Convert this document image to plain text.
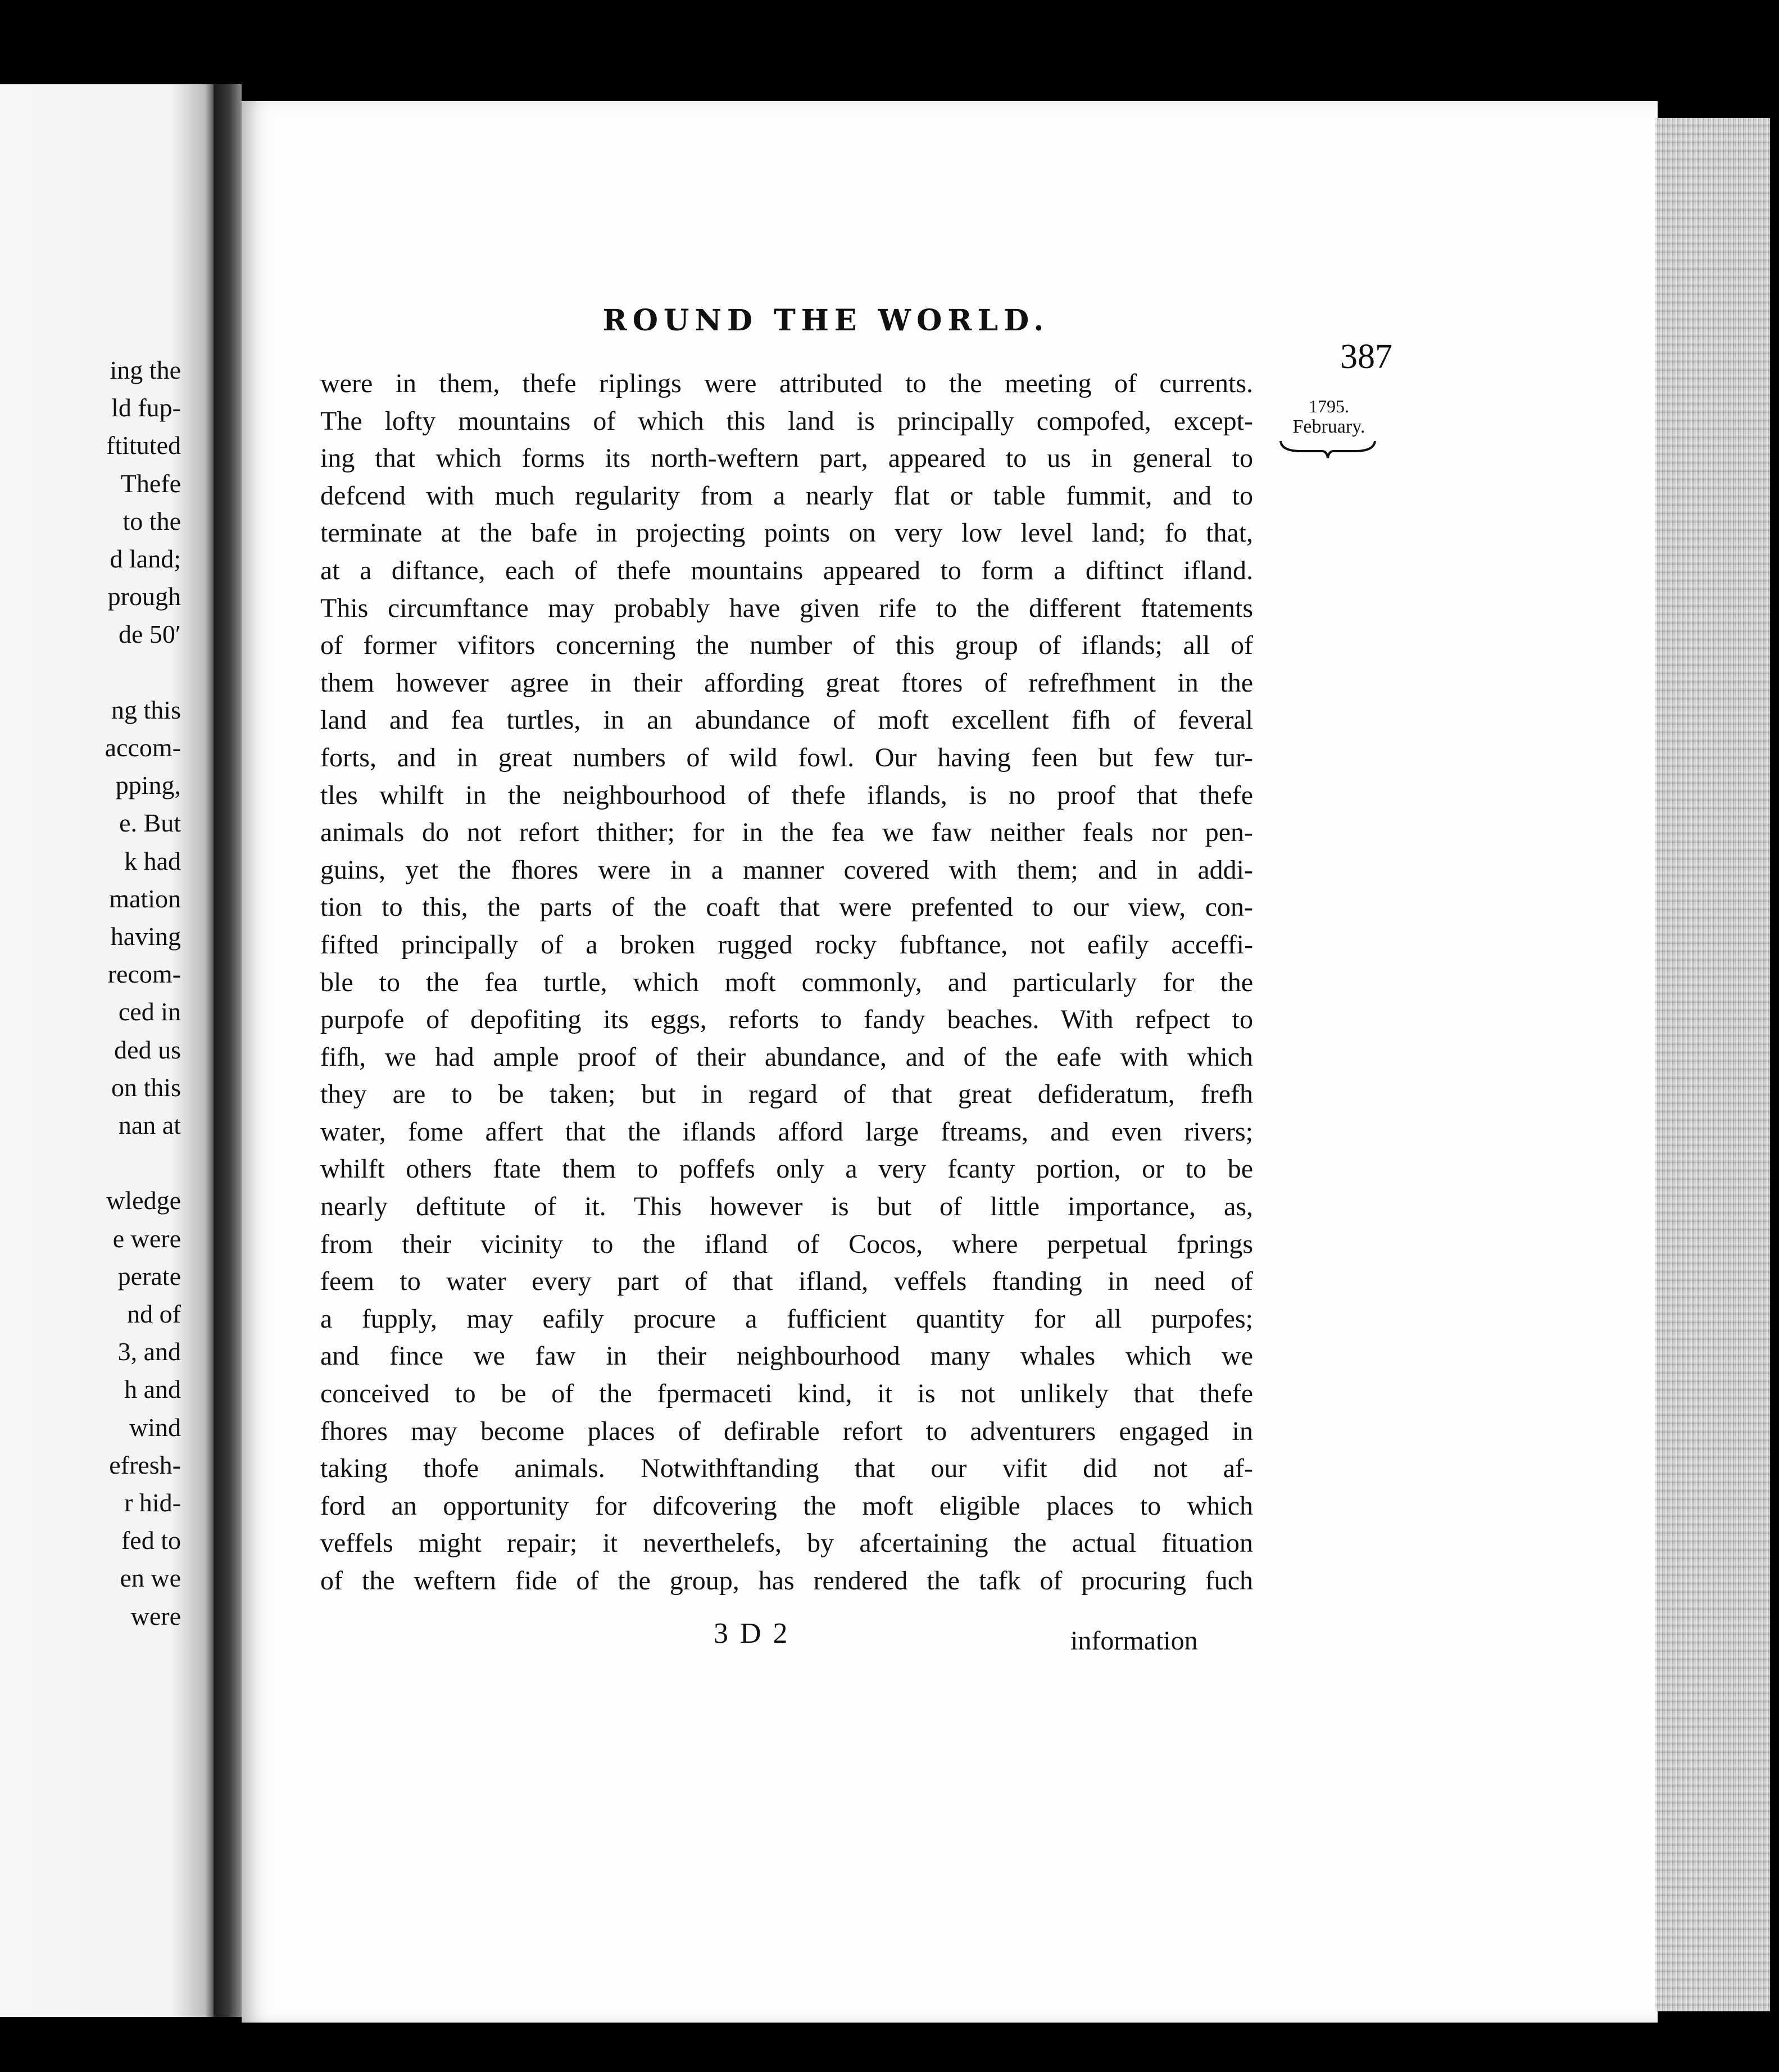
ing the
ld fup-
ftituted
Thefe
to the
d land;
prough
de 50′
ng this
accom-
pping,
e. But
k had
mation
having
recom-
ced in
ded us
on this
nan at
wledge
e were
perate
nd of
3, and
h and
wind
efresh-
r hid-
fed to
en we
were
ROUND THE WORLD.
387
1795.
February.
were in them, thefe riplings were attributed to the meeting of currents.
The lofty mountains of which this land is principally compofed, except-
ing that which forms its north-weftern part, appeared to us in general to
defcend with much regularity from a nearly flat or table fummit, and to
terminate at the bafe in projecting points on very low level land; fo that,
at a diftance, each of thefe mountains appeared to form a diftinct ifland.
This circumftance may probably have given rife to the different ftatements
of former vifitors concerning the number of this group of iflands; all of
them however agree in their affording great ftores of refrefhment in the
land and fea turtles, in an abundance of moft excellent fifh of feveral
forts, and in great numbers of wild fowl. Our having feen but few tur-
tles whilft in the neighbourhood of thefe iflands, is no proof that thefe
animals do not refort thither; for in the fea we faw neither feals nor pen-
guins, yet the fhores were in a manner covered with them; and in addi-
tion to this, the parts of the coaft that were prefented to our view, con-
fifted principally of a broken rugged rocky fubftance, not eafily acceffi-
ble to the fea turtle, which moft commonly, and particularly for the
purpofe of depofiting its eggs, reforts to fandy beaches. With refpect to
fifh, we had ample proof of their abundance, and of the eafe with which
they are to be taken; but in regard of that great defideratum, frefh
water, fome affert that the iflands afford large ftreams, and even rivers;
whilft others ftate them to poffefs only a very fcanty portion, or to be
nearly deftitute of it. This however is but of little importance, as,
from their vicinity to the ifland of Cocos, where perpetual fprings
feem to water every part of that ifland, veffels ftanding in need of
a fupply, may eafily procure a fufficient quantity for all purpofes;
and fince we faw in their neighbourhood many whales which we
conceived to be of the fpermaceti kind, it is not unlikely that thefe
fhores may become places of defirable refort to adventurers engaged in
taking thofe animals. Notwithftanding that our vifit did not af-
ford an opportunity for difcovering the moft eligible places to which
veffels might repair; it neverthelefs, by afcertaining the actual fituation
of the weftern fide of the group, has rendered the tafk of procuring fuch
3 D 2	information
